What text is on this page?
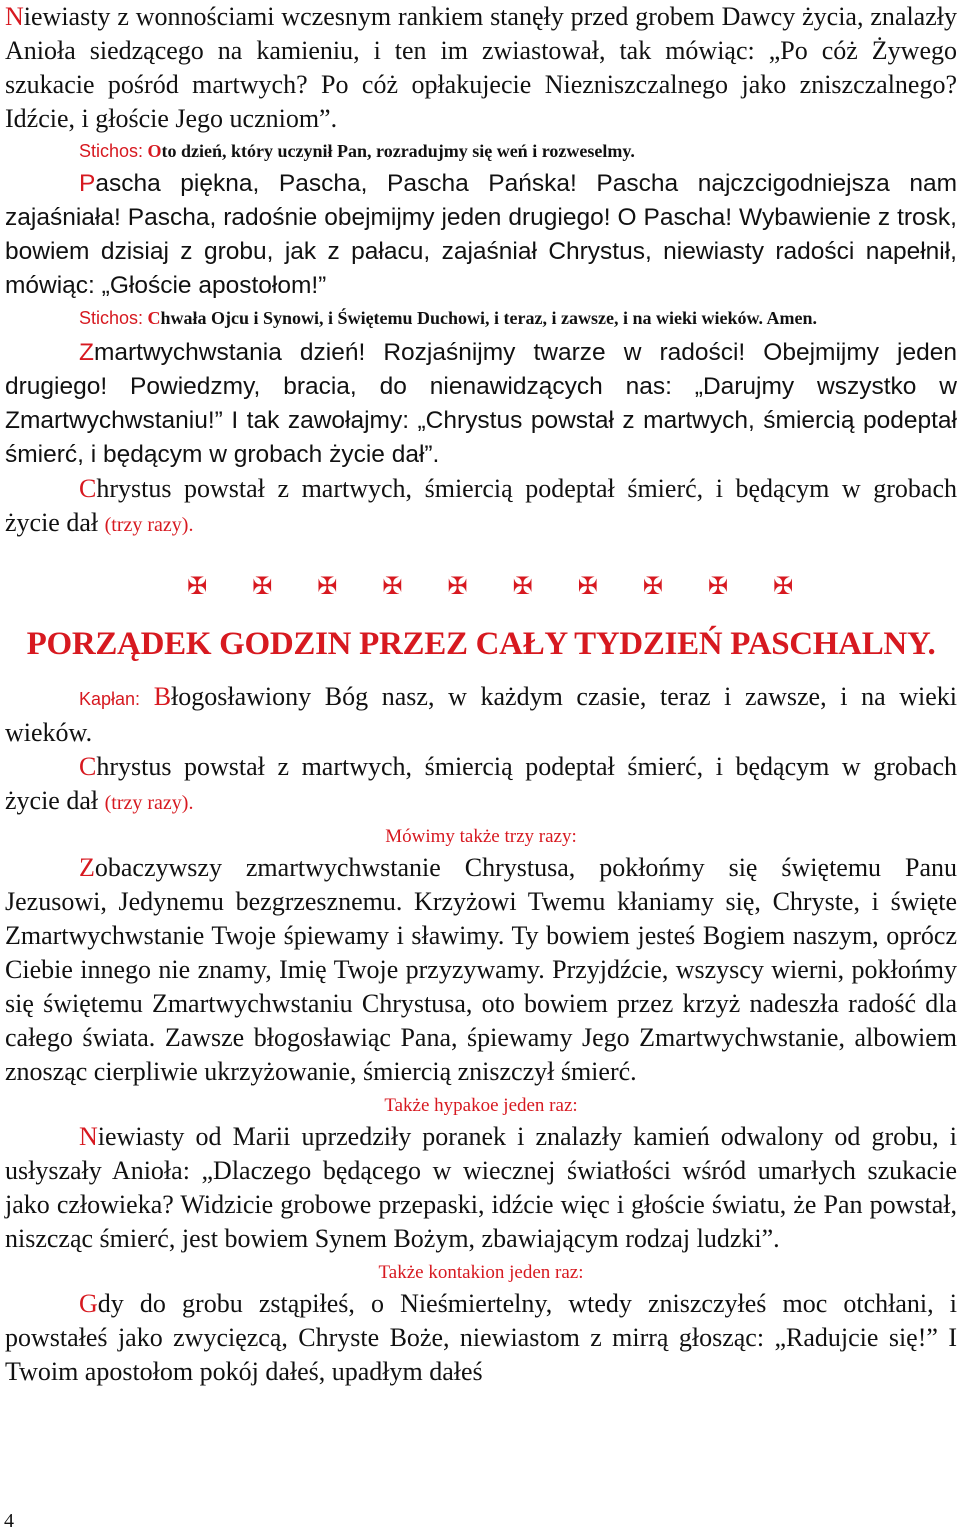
Niewiasty z wonnościami wczesnym rankiem stanęły przed grobem Dawcy życia, znalazły Anioła siedzącego na kamieniu, i ten im zwiastował, tak mówiąc: „Po cóż Żywego szukacie pośród martwych? Po cóż opłakujecie Niezniszczalnego jako zniszczalnego? Idźcie, i głoście Jego uczniom”.

Stichos: Oto dzień, który uczynił Pan, rozradujmy się weń i rozweselmy.

Pascha piękna, Pascha, Pascha Pańska! Pascha najczcigodniejsza nam zajaśniała! Pascha, radośnie obejmijmy jeden drugiego! O Pascha! Wybawienie z trosk, bowiem dzisiaj z grobu, jak z pałacu, zajaśniał Chrystus, niewiasty radości napełnił, mówiąc: „Głoście apostołom!”

Stichos: Chwała Ojcu i Synowi, i Świętemu Duchowi, i teraz, i zawsze, i na wieki wieków. Amen.

Zmartwychwstania dzień! Rozjaśnijmy twarze w radości! Obejmijmy jeden drugiego! Powiedzmy, bracia, do nienawidzących nas: „Darujmy wszystko w Zmartwychwstaniu!” I tak zawołajmy: „Chrystus powstał z martwych, śmiercią podeptał śmierć, i będącym w grobach życie dał”.

Chrystus powstał z martwych, śmiercią podeptał śmierć, i będącym w grobach życie dał (trzy razy).

✠ ✠ ✠ ✠ ✠ ✠ ✠ ✠ ✠ ✠
PORZĄDEK GODZIN PRZEZ CAŁY TYDZIEŃ PASCHALNY.

Kapłan: Błogosławiony Bóg nasz, w każdym czasie, teraz i zawsze, i na wieki wieków.

Chrystus powstał z martwych, śmiercią podeptał śmierć, i będącym w grobach życie dał (trzy razy).

Mówimy także trzy razy:

Zobaczywszy zmartwychwstanie Chrystusa, pokłońmy się świętemu Panu Jezusowi, Jedynemu bezgrzesznemu. Krzyżowi Twemu kłaniamy się, Chryste, i święte Zmartwychwstanie Twoje śpiewamy i sławimy. Ty bowiem jesteś Bogiem naszym, oprócz Ciebie innego nie znamy, Imię Twoje przyzywamy. Przyjdźcie, wszyscy wierni, pokłońmy się świętemu Zmartwychwstaniu Chrystusa, oto bowiem przez krzyż nadeszła radość dla całego świata. Zawsze błogosławiąc Pana, śpiewamy Jego Zmartwychwstanie, albowiem znosząc cierpliwie ukrzyżowanie, śmiercią zniszczył śmierć.

Także hypakoe jeden raz:

Niewiasty od Marii uprzedziły poranek i znalazły kamień odwalony od grobu, i usłyszały Anioła: „Dlaczego będącego w wiecznej światłości wśród umarłych szukacie jako człowieka? Widzicie grobowe przepaski, idźcie więc i głoście światu, że Pan powstał, niszcząc śmierć, jest bowiem Synem Bożym, zbawiającym rodzaj ludzki”.

Także kontakion jeden raz:

Gdy do grobu zstąpiłeś, o Nieśmiertelny, wtedy zniszczyłeś moc otchłani, i powstałeś jako zwycięzcą, Chryste Boże, niewiastom z mirrą głosząc: „Radujcie się!” I Twoim apostołom pokój dałeś, upadłym dałeś

4
